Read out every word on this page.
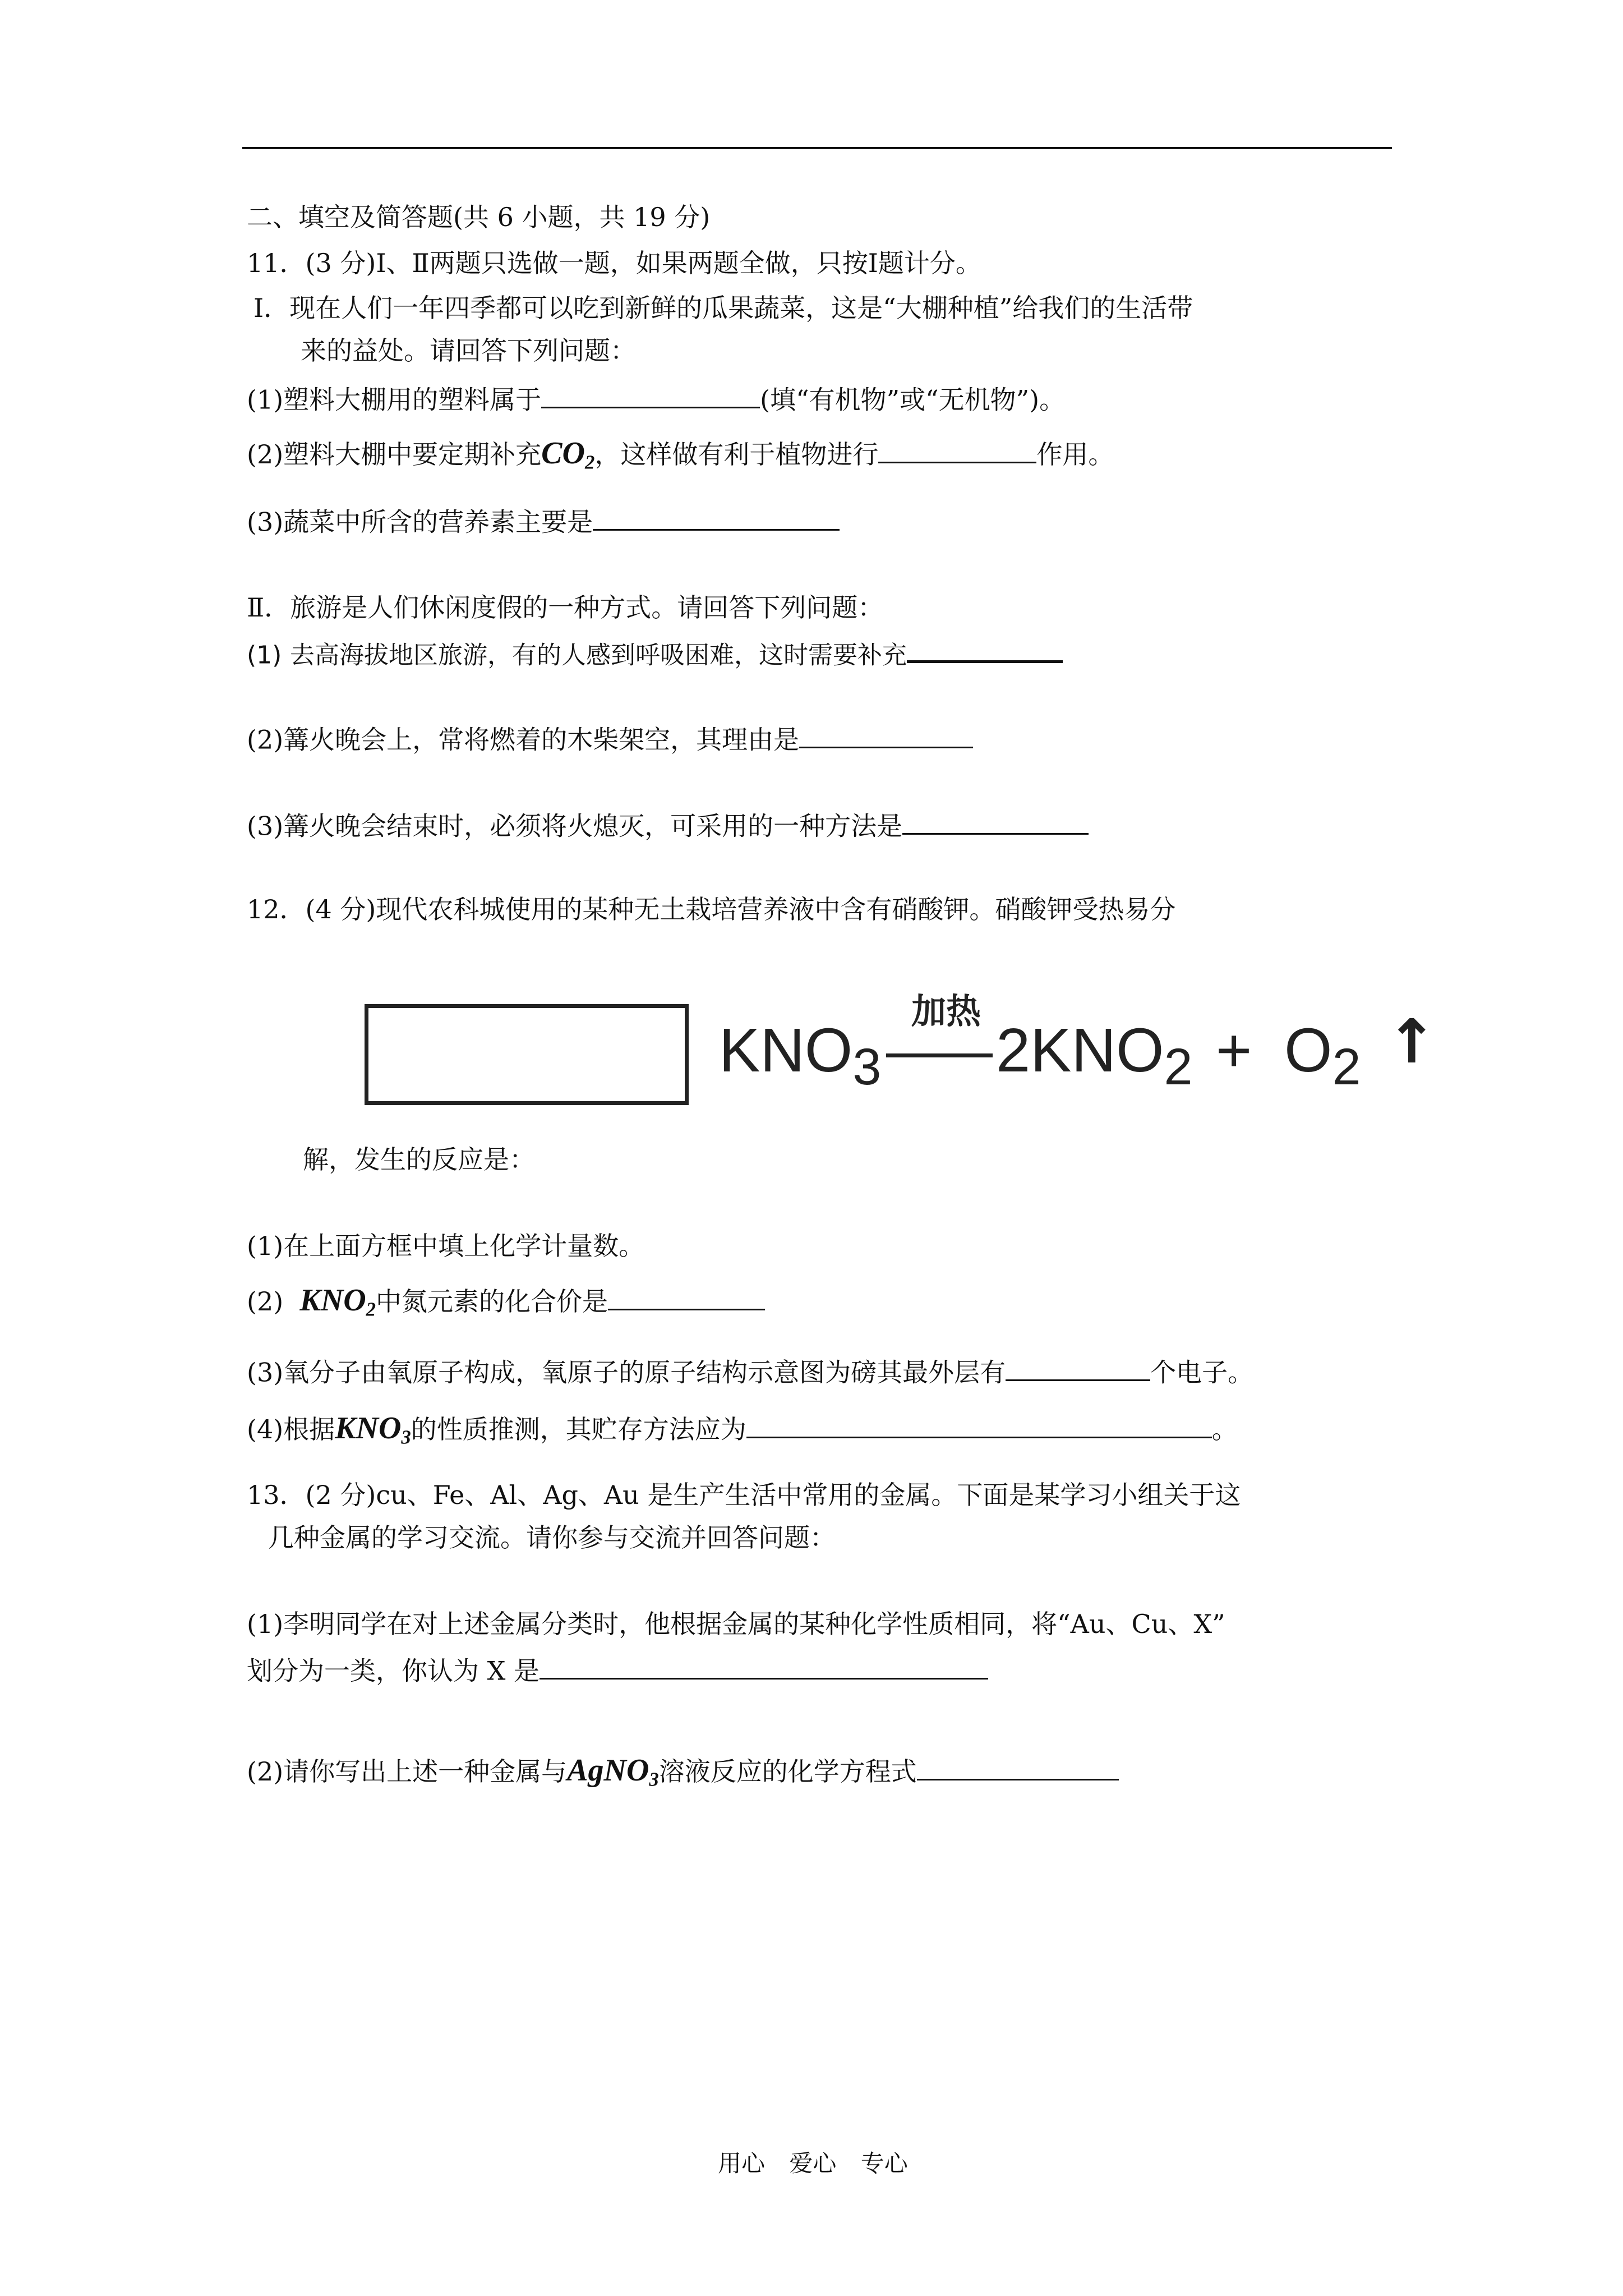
二、填空及简答题(共 6 小题，共 19 分)
11．(3 分)Ⅰ、Ⅱ两题只选做一题，如果两题全做，只按Ⅰ题计分。
Ⅰ．现在人们一年四季都可以吃到新鲜的瓜果蔬菜，这是“大棚种植”给我们的生活带
来的益处。请回答下列问题：
(1)塑料大棚用的塑料属于	(填“有机物”或“无机物”)。
(2)塑料大棚中要定期补充$CO_2$，这样做有利于植物进行	作用。
(3)蔬菜中所含的营养素主要是
Ⅱ．旅游是人们休闲度假的一种方式。请回答下列问题：
(1) 去高海拔地区旅游，有的人感到呼吸困难，这时需要补充
(2)篝火晚会上，常将燃着的木柴架空，其理由是
(3)篝火晚会结束时，必须将火熄灭，可采用的一种方法是
12．(4 分)现代农科城使用的某种无土栽培营养液中含有硝酸钾。硝酸钾受热易分
$KNO_3$
加热
$2KNO_2 + O_2$ ↑
解，发生的反应是：
(1)在上面方框中填上化学计量数。
(2) $KNO_2$中氮元素的化合价是
(3)氧分子由氧原子构成，氧原子的原子结构示意图为磅其最外层有	个电子。
(4)根据$KNO_3$的性质推测，其贮存方法应为	。
13．(2 分)cu、Fe、Al、Ag、Au 是生产生活中常用的金属。下面是某学习小组关于这
几种金属的学习交流。请你参与交流并回答问题：
(1)李明同学在对上述金属分类时，他根据金属的某种化学性质相同，将“Au、Cu、X”
划分为一类，你认为 X 是
(2)请你写出上述一种金属与AgNO$_3$溶液反应的化学方程式
用心 爱心 专心
